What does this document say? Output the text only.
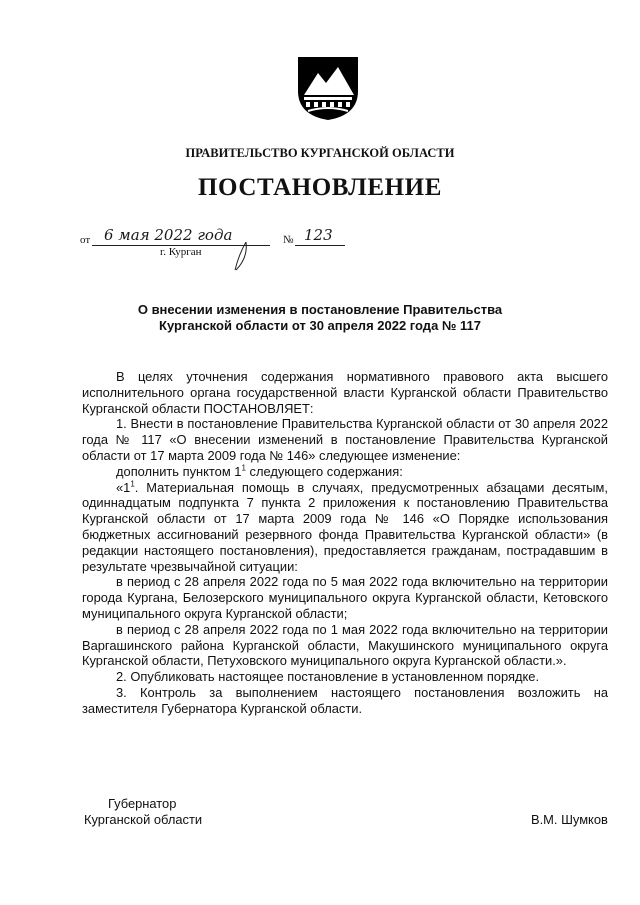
ПРАВИТЕЛЬСТВО КУРГАНСКОЙ ОБЛАСТИ
ПОСТАНОВЛЕНИЕ
от 6 мая 2022 года	№ 123
г. Курган
О внесении изменения в постановление Правительства
Курганской области от 30 апреля 2022 года № 117

В целях уточнения содержания нормативного правового акта высшего исполнительного органа государственной власти Курганской области Правительство Курганской области ПОСТАНОВЛЯЕТ:

1. Внести в постановление Правительства Курганской области от 30 апреля 2022 года № 117 «О внесении изменений в постановление Правительства Курганской области от 17 марта 2009 года № 146» следующее изменение:

дополнить пунктом $1^1$ следующего содержания:

«$1^1$. Материальная помощь в случаях, предусмотренных абзацами десятым, одиннадцатым подпункта 7 пункта 2 приложения к постановлению Правительства Курганской области от 17 марта 2009 года № 146 «О Порядке использования бюджетных ассигнований резервного фонда Правительства Курганской области» (в редакции настоящего постановления), предоставляется гражданам, пострадавшим в результате чрезвычайной ситуации:

в период с 28 апреля 2022 года по 5 мая 2022 года включительно на территории города Кургана, Белозерского муниципального округа Курганской области, Кетовского муниципального округа Курганской области;

в период с 28 апреля 2022 года по 1 мая 2022 года включительно на территории Варгашинского района Курганской области, Макушинского муниципального округа Курганской области, Петуховского муниципального округа Курганской области.».

2. Опубликовать настоящее постановление в установленном порядке.

3. Контроль за выполнением настоящего постановления возложить на заместителя Губернатора Курганской области.

Губернатор
Курганской области	В.М. Шумков
